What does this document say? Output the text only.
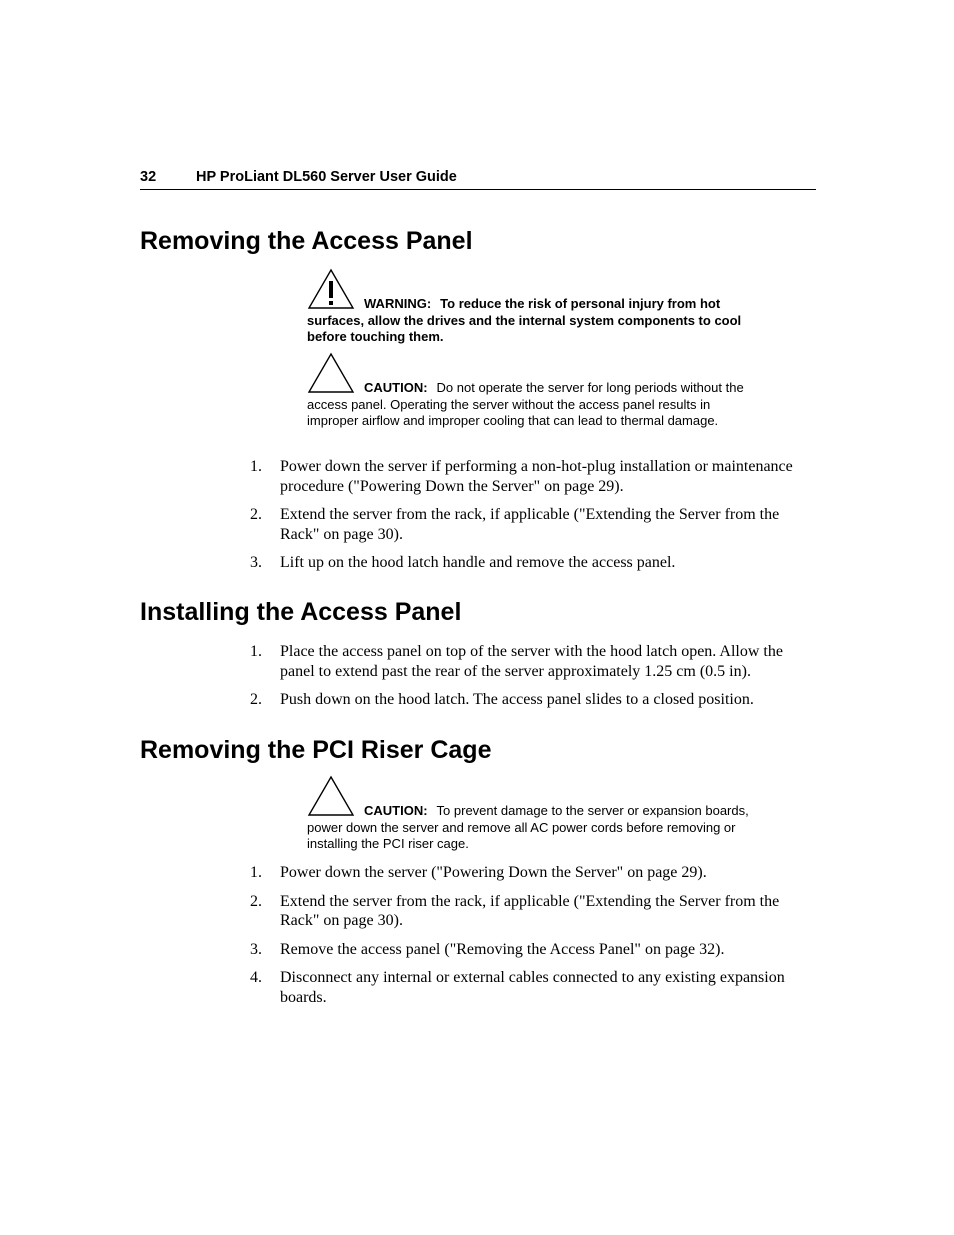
32	HP ProLiant DL560 Server User Guide
Removing the Access Panel

WARNING: To reduce the risk of personal injury from hot surfaces, allow the drives and the internal system components to cool before touching them.

CAUTION: Do not operate the server for long periods without the access panel. Operating the server without the access panel results in improper airflow and improper cooling that can lead to thermal damage.

1. Power down the server if performing a non-hot-plug installation or maintenance procedure ("Powering Down the Server" on page 29).
2. Extend the server from the rack, if applicable ("Extending the Server from the Rack" on page 30).
3. Lift up on the hood latch handle and remove the access panel.
Installing the Access Panel
1. Place the access panel on top of the server with the hood latch open. Allow the panel to extend past the rear of the server approximately 1.25 cm (0.5 in).
2. Push down on the hood latch. The access panel slides to a closed position.
Removing the PCI Riser Cage

CAUTION: To prevent damage to the server or expansion boards, power down the server and remove all AC power cords before removing or installing the PCI riser cage.

1. Power down the server ("Powering Down the Server" on page 29).
2. Extend the server from the rack, if applicable ("Extending the Server from the Rack" on page 30).
3. Remove the access panel ("Removing the Access Panel" on page 32).
4. Disconnect any internal or external cables connected to any existing expansion boards.
